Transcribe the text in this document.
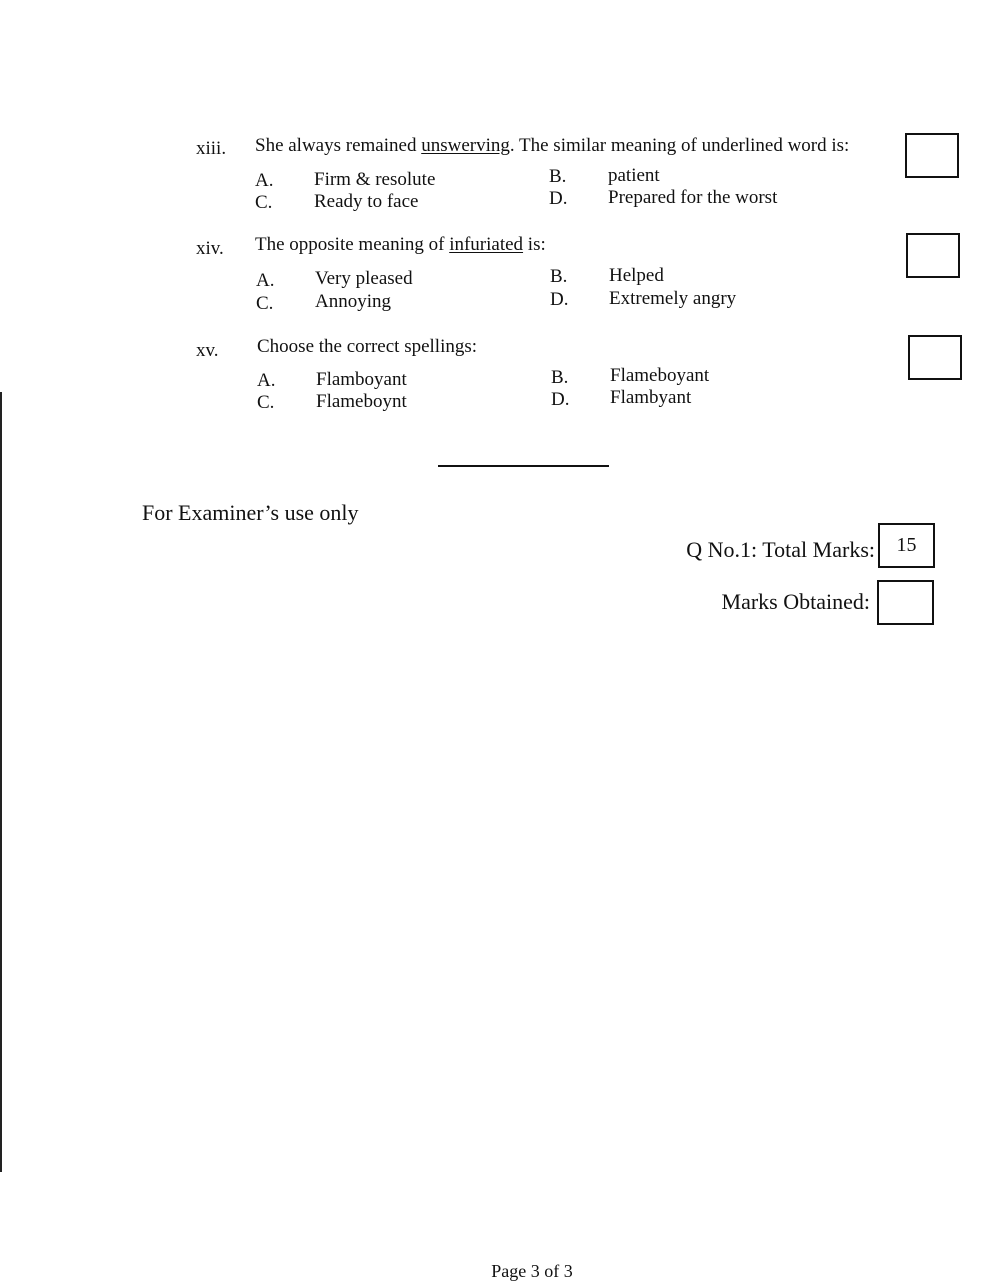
xiii. She always remained unswerving. The similar meaning of underlined word is:
A. Firm & resolute	B. patient
C. Ready to face	D. Prepared for the worst
xiv. The opposite meaning of infuriated is:
A. Very pleased	B. Helped
C. Annoying	D. Extremely angry
xv. Choose the correct spellings:
A. Flamboyant	B. Flameboyant
C. Flameboynt	D. Flambyant
For Examiner’s use only
Q No.1: Total Marks:	15
Marks Obtained:
Page 3 of 3
